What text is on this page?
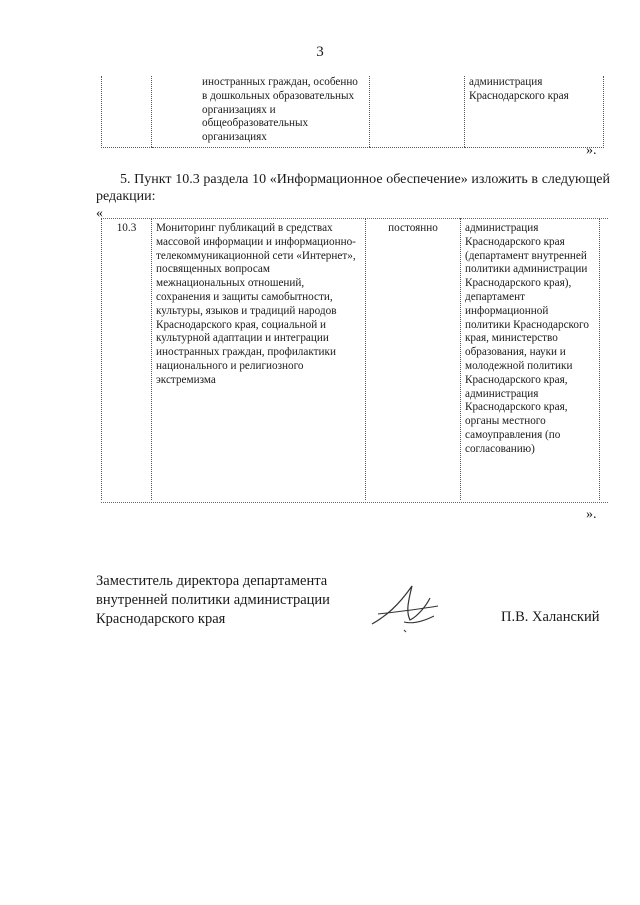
3
	иностранных граждан, особенно в дошкольных образовательных организациях и общеобразовательных организациях		администрация Краснодарского края
».
5. Пункт 10.3 раздела 10 «Информационное обеспечение» изложить в следующей редакции:
«
10.3	Мониторинг публикаций в средствах массовой информации и информационно-телекоммуникационной сети «Интернет», посвященных вопросам межнациональных отношений, сохранения и защиты самобытности, культуры, языков и традиций народов Краснодарского края, социальной и культурной адаптации и интеграции иностранных граждан, профилактики национального и религиозного экстремизма	постоянно	администрация Краснодарского края (департамент внутренней политики администрации Краснодарского края), департамент информационной политики Краснодарского края, министерство образования, науки и молодежной политики Краснодарского края, администрация Краснодарского края, органы местного самоуправления (по согласованию)
».
Заместитель директора департамента
внутренней политики администрации
Краснодарского края	П.В. Халанский
